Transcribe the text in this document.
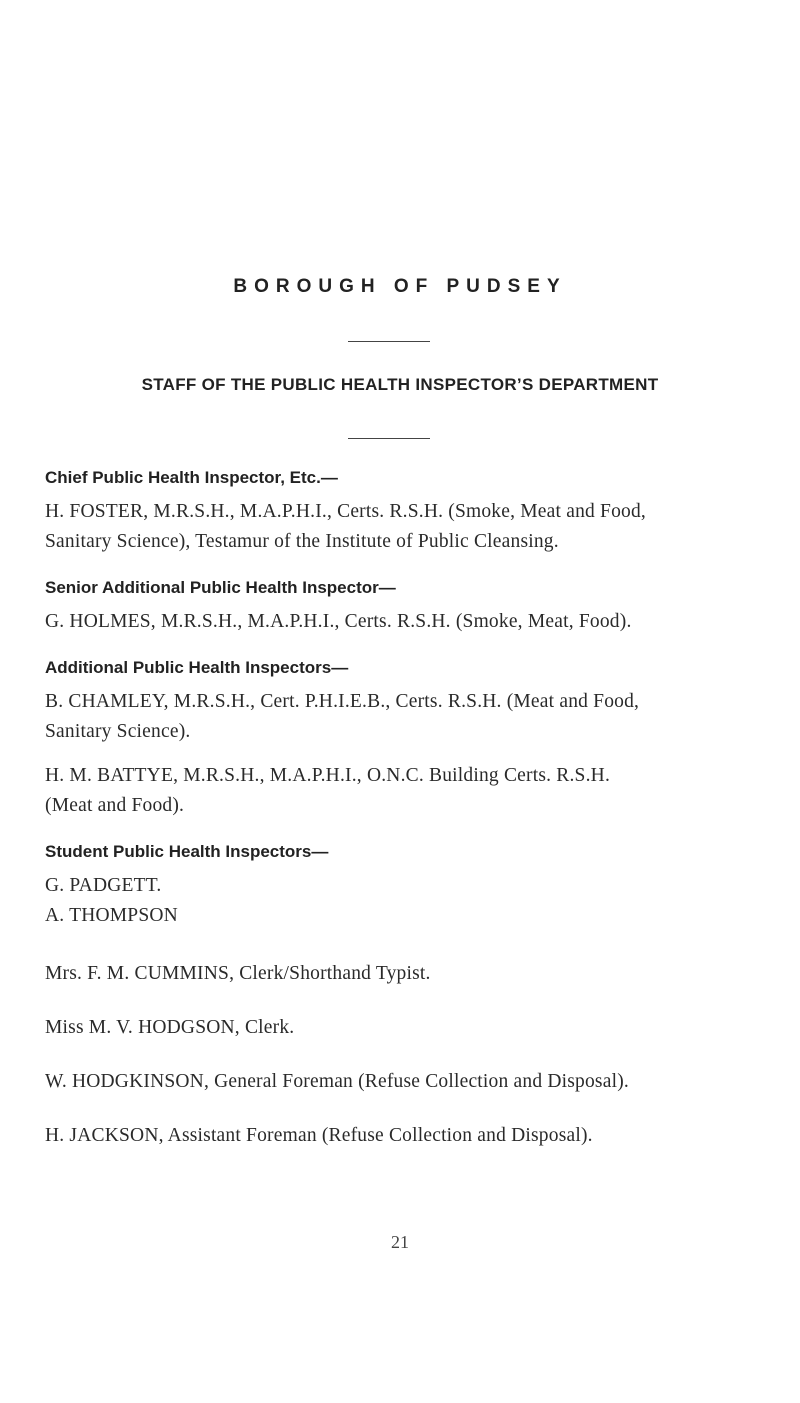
BOROUGH OF PUDSEY
STAFF OF THE PUBLIC HEALTH INSPECTOR’S DEPARTMENT

Chief Public Health Inspector, Etc.—

H. FOSTER, M.R.S.H., M.A.P.H.I., Certs. R.S.H. (Smoke, Meat and Food,

Sanitary Science), Testamur of the Institute of Public Cleansing.

Senior Additional Public Health Inspector—

G. HOLMES, M.R.S.H., M.A.P.H.I., Certs. R.S.H. (Smoke, Meat, Food).

Additional Public Health Inspectors—

B. CHAMLEY, M.R.S.H., Cert. P.H.I.E.B., Certs. R.S.H. (Meat and Food,

Sanitary Science).

H. M. BATTYE, M.R.S.H., M.A.P.H.I., O.N.C. Building Certs. R.S.H.

(Meat and Food).

Student Public Health Inspectors—

G. PADGETT.

A. THOMPSON

Mrs. F. M. CUMMINS, Clerk/Shorthand Typist.

Miss M. V. HODGSON, Clerk.

W. HODGKINSON, General Foreman (Refuse Collection and Disposal).

H. JACKSON, Assistant Foreman (Refuse Collection and Disposal).

21
